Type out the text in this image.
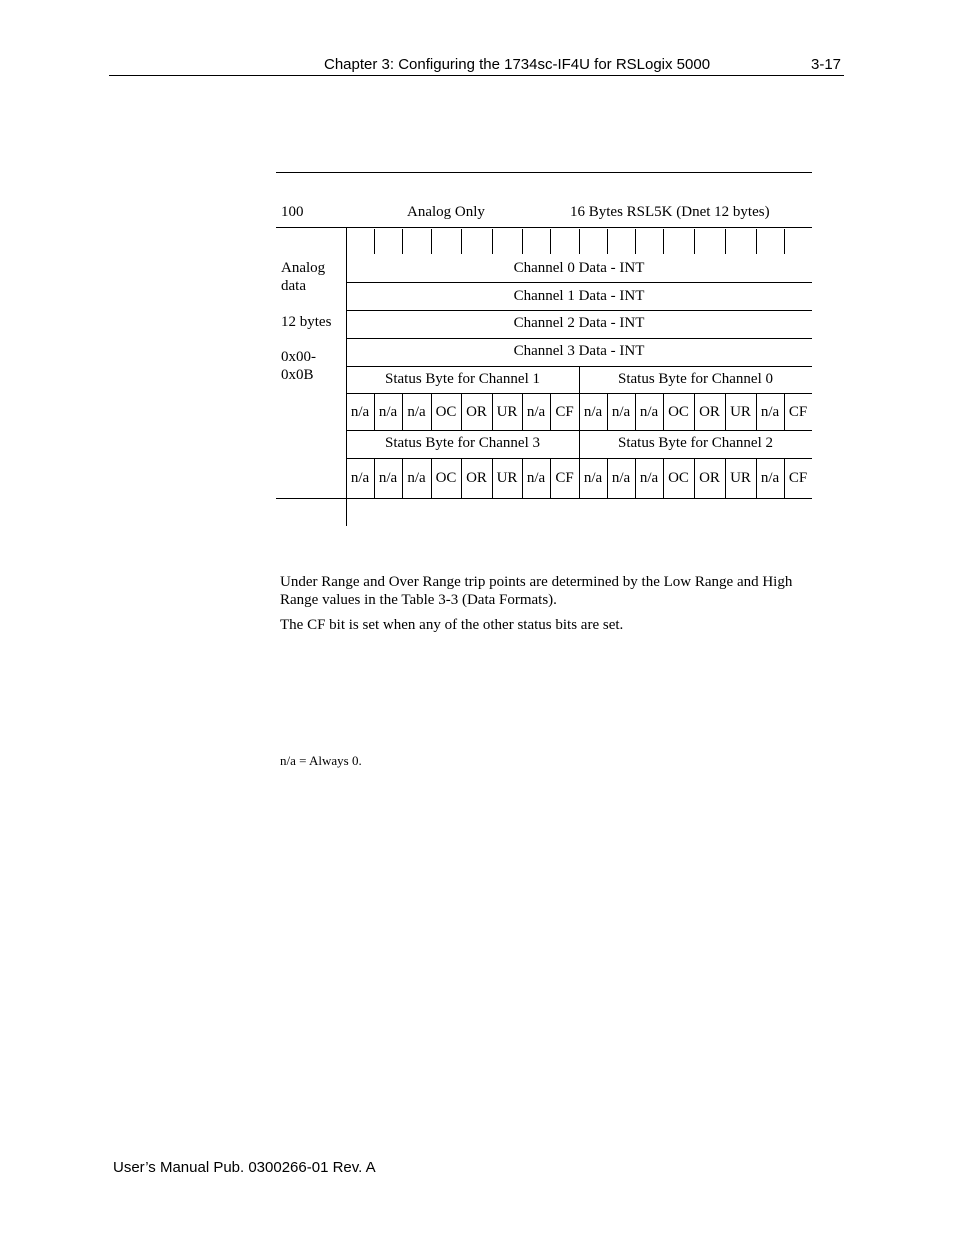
Chapter 3: Configuring the 1734sc-IF4U for RSLogix 5000	3-17
100	Analog Only	16 Bytes RSL5K (Dnet 12 bytes)
Analog
data
12 bytes
0x00-
0x0B
Channel 0 Data - INT
Channel 1 Data - INT
Channel 2 Data - INT
Channel 3 Data - INT
Status Byte for Channel 1	Status Byte for Channel 0
n/a n/a n/a OC OR UR n/a CF n/a n/a n/a OC OR UR n/a CF
Status Byte for Channel 3	Status Byte for Channel 2
n/a n/a n/a OC OR UR n/a CF n/a n/a n/a OC OR UR n/a CF
Under Range and Over Range trip points are determined by the Low Range and High Range values in the Table 3-3 (Data Formats).
The CF bit is set when any of the other status bits are set.
n/a = Always 0.
User’s Manual Pub. 0300266-01 Rev. A
